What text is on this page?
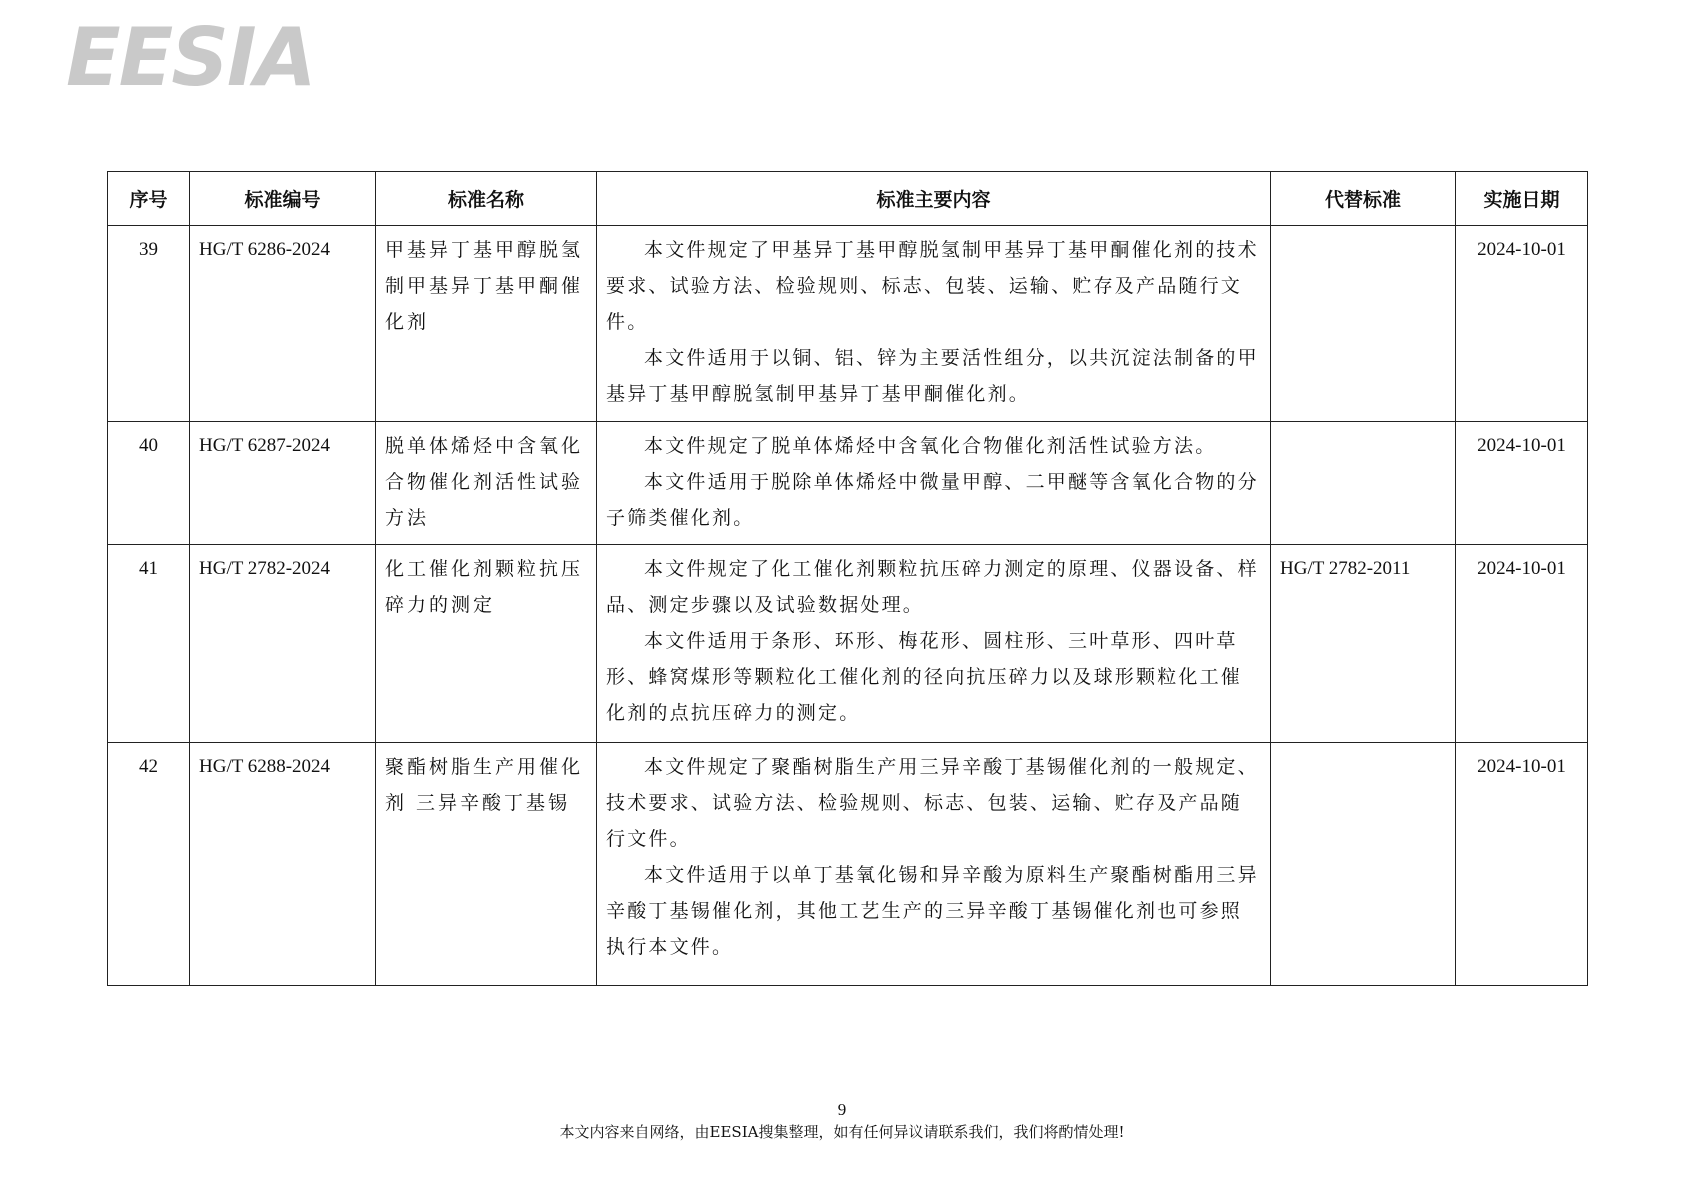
EESIA
序号	标准编号	标准名称	标准主要内容	代替标准	实施日期
39	HG/T 6286-2024	甲基异丁基甲醇脱氢制甲基异丁基甲酮催化剂	本文件规定了甲基异丁基甲醇脱氢制甲基异丁基甲酮催化剂的技术要求、试验方法、检验规则、标志、包装、运输、贮存及产品随行文件。

本文件适用于以铜、铝、锌为主要活性组分，以共沉淀法制备的甲基异丁基甲醇脱氢制甲基异丁基甲酮催化剂。		2024-10-01
40	HG/T 6287-2024	脱单体烯烃中含氧化合物催化剂活性试验方法	本文件规定了脱单体烯烃中含氧化合物催化剂活性试验方法。

本文件适用于脱除单体烯烃中微量甲醇、二甲醚等含氧化合物的分子筛类催化剂。		2024-10-01
41	HG/T 2782-2024	化工催化剂颗粒抗压碎力的测定	本文件规定了化工催化剂颗粒抗压碎力测定的原理、仪器设备、样品、测定步骤以及试验数据处理。

本文件适用于条形、环形、梅花形、圆柱形、三叶草形、四叶草形、蜂窝煤形等颗粒化工催化剂的径向抗压碎力以及球形颗粒化工催化剂的点抗压碎力的测定。	HG/T 2782-2011	2024-10-01
42	HG/T 6288-2024	聚酯树脂生产用催化剂 三异辛酸丁基锡	本文件规定了聚酯树脂生产用三异辛酸丁基锡催化剂的一般规定、技术要求、试验方法、检验规则、标志、包装、运输、贮存及产品随行文件。

本文件适用于以单丁基氧化锡和异辛酸为原料生产聚酯树酯用三异辛酸丁基锡催化剂，其他工艺生产的三异辛酸丁基锡催化剂也可参照执行本文件。		2024-10-01
9
本文内容来自网络，由EESIA搜集整理，如有任何异议请联系我们，我们将酌情处理!
